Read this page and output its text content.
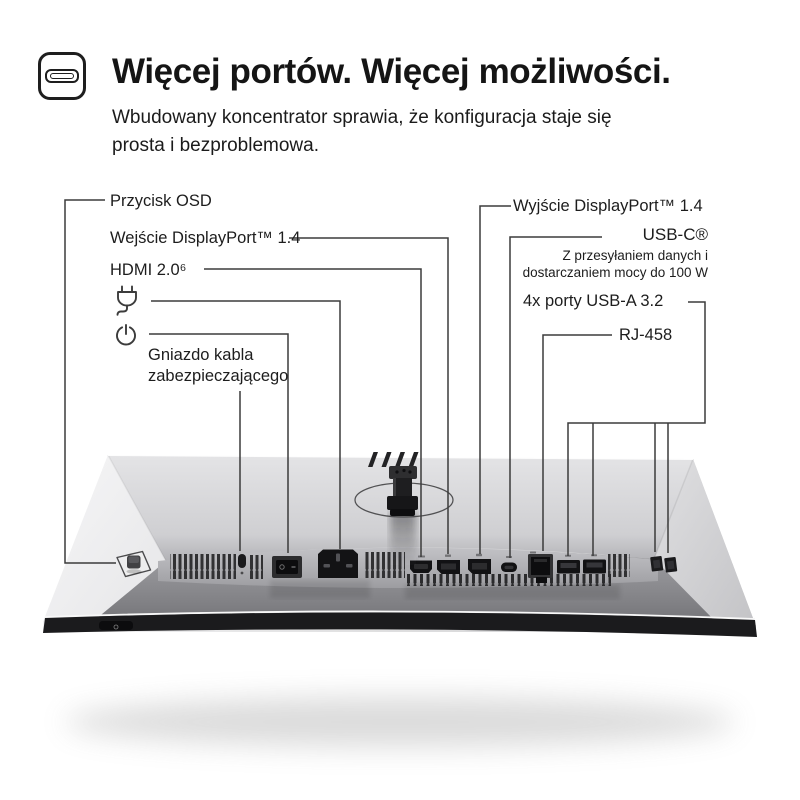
Więcej portów. Więcej możliwości.

Wbudowany koncentrator sprawia, że konfiguracja staje się
prosta i bezproblemowa.

Przycisk OSD
Wejście DisplayPort™ 1.4
HDMI 2.0⁶
Gniazdo kabla
zabezpieczającego
Wyjście DisplayPort™ 1.4
USB-C®
Z przesyłaniem danych i
dostarczaniem mocy do 100 W
4x porty USB-A 3.2
RJ-458
